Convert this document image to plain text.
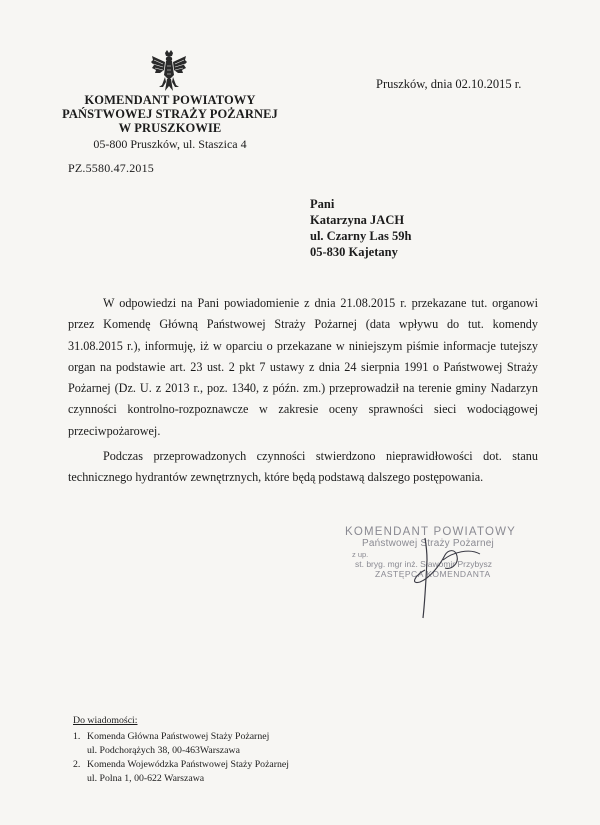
KOMENDANT POWIATOWY
PAŃSTWOWEJ STRAŻY POŻARNEJ
W PRUSZKOWIE
05-800 Pruszków, ul. Staszica 4
Pruszków, dnia 02.10.2015 r.
PZ.5580.47.2015
Pani
Katarzyna JACH
ul. Czarny Las 59h
05-830 Kajetany

W odpowiedzi na Pani powiadomienie z dnia 21.08.2015 r. przekazane tut. organowi przez Komendę Główną Państwowej Straży Pożarnej (data wpływu do tut. komendy 31.08.2015 r.), informuję, iż w oparciu o przekazane w niniejszym piśmie informacje tutejszy organ na podstawie art. 23 ust. 2 pkt 7 ustawy z dnia 24 sierpnia 1991 o Państwowej Straży Pożarnej (Dz. U. z 2013 r., poz. 1340, z późn. zm.) przeprowadził na terenie gminy Nadarzyn czynności kontrolno-rozpoznawcze w zakresie oceny sprawności sieci wodociągowej przeciwpożarowej.

Podczas przeprowadzonych czynności stwierdzono nieprawidłowości dot. stanu technicznego hydrantów zewnętrznych, które będą podstawą dalszego postępowania.

KOMENDANT POWIATOWY
Państwowej Straży Pożarnej
z up.
st. bryg. mgr inż. Sławomir Przybysz
ZASTĘPCA KOMENDANTA
Do wiadomości:
1. Komenda Główna Państwowej Staży Pożarnej
ul. Podchorążych 38, 00-463Warszawa
2. Komenda Wojewódzka Państwowej Staży Pożarnej
ul. Polna 1, 00-622 Warszawa
